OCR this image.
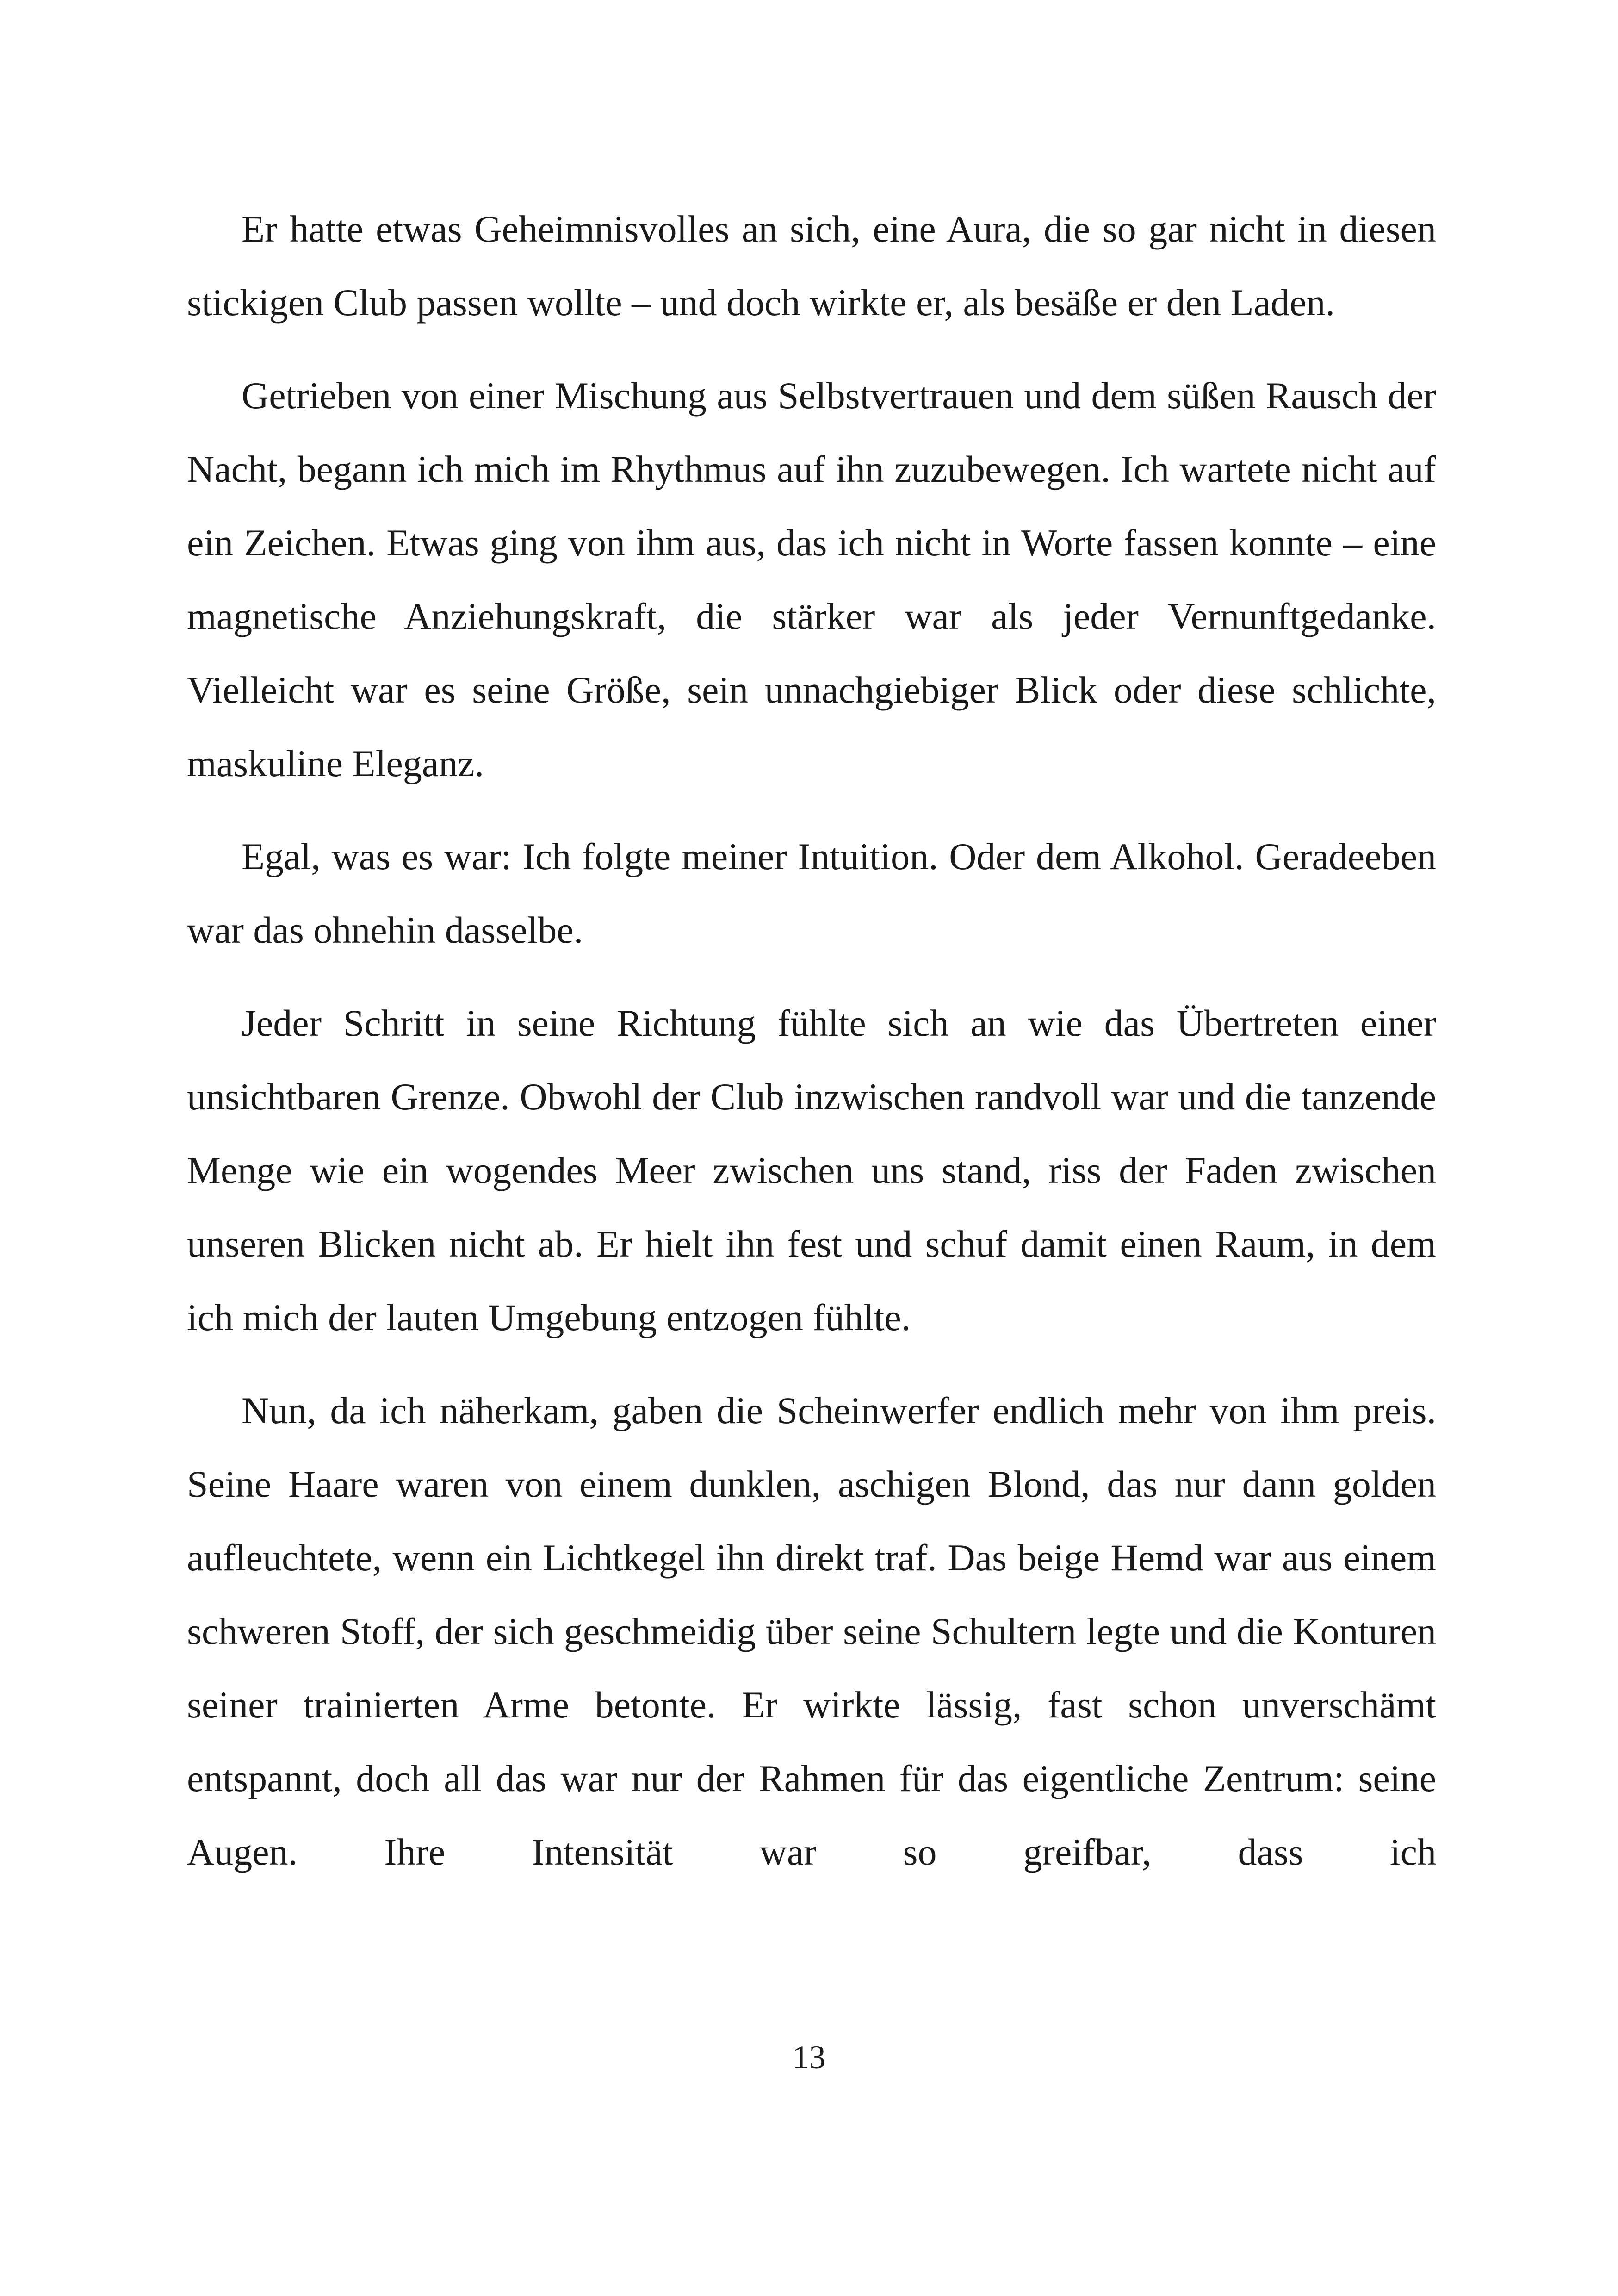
Er hatte etwas Geheimnisvolles an sich, eine Aura, die so gar nicht in diesen stickigen Club passen wollte – und doch wirkte er, als besäße er den Laden.

Getrieben von einer Mischung aus Selbstvertrauen und dem süßen Rausch der Nacht, begann ich mich im Rhythmus auf ihn zuzubewegen. Ich wartete nicht auf ein Zeichen. Etwas ging von ihm aus, das ich nicht in Worte fassen konnte – eine magnetische Anziehungskraft, die stärker war als jeder Vernunftgedanke. Vielleicht war es seine Größe, sein unnachgiebiger Blick oder diese schlichte, maskuline Eleganz.

Egal, was es war: Ich folgte meiner Intuition. Oder dem Alkohol. Geradeeben war das ohnehin dasselbe.

Jeder Schritt in seine Richtung fühlte sich an wie das Übertreten einer unsichtbaren Grenze. Obwohl der Club inzwischen randvoll war und die tanzende Menge wie ein wogendes Meer zwischen uns stand, riss der Faden zwischen unseren Blicken nicht ab. Er hielt ihn fest und schuf damit einen Raum, in dem ich mich der lauten Umgebung entzogen fühlte.

Nun, da ich näherkam, gaben die Scheinwerfer endlich mehr von ihm preis. Seine Haare waren von einem dunklen, aschigen Blond, das nur dann golden aufleuchtete, wenn ein Lichtkegel ihn direkt traf. Das beige Hemd war aus einem schweren Stoff, der sich geschmeidig über seine Schultern legte und die Konturen seiner trainierten Arme betonte. Er wirkte lässig, fast schon unverschämt entspannt, doch all das war nur der Rahmen für das eigentliche Zentrum: seine Augen. Ihre Intensität war so greifbar, dass ich

13
